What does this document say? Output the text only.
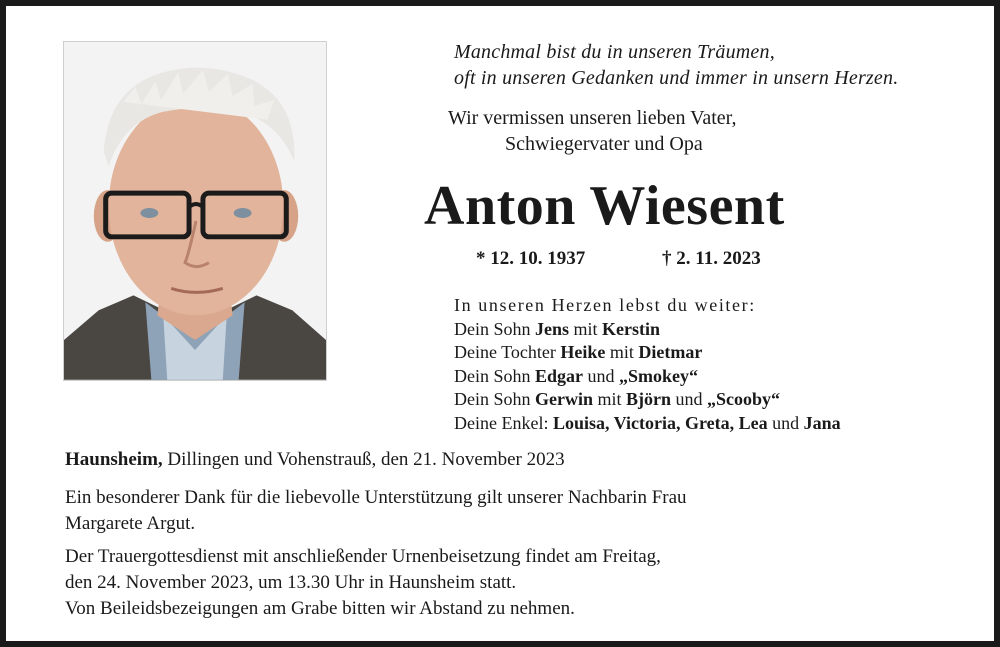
Manchmal bist du in unseren Träumen,
oft in unseren Gedanken und immer in unsern Herzen.
Wir vermissen unseren lieben Vater,
Schwiegervater und Opa
Anton Wiesent
* 12. 10. 1937	† 2. 11. 2023
In unseren Herzen lebst du weiter:
Dein Sohn Jens mit Kerstin
Deine Tochter Heike mit Dietmar
Dein Sohn Edgar und „Smokey“
Dein Sohn Gerwin mit Björn und „Scooby“
Deine Enkel: Louisa, Victoria, Greta, Lea und Jana
Haunsheim, Dillingen und Vohenstrauß, den 21. November 2023
Ein besonderer Dank für die liebevolle Unterstützung gilt unserer Nachbarin Frau
Margarete Argut.
Der Trauergottesdienst mit anschließender Urnenbeisetzung findet am Freitag,
den 24. November 2023, um 13.30 Uhr in Haunsheim statt.
Von Beileidsbezeigungen am Grabe bitten wir Abstand zu nehmen.
